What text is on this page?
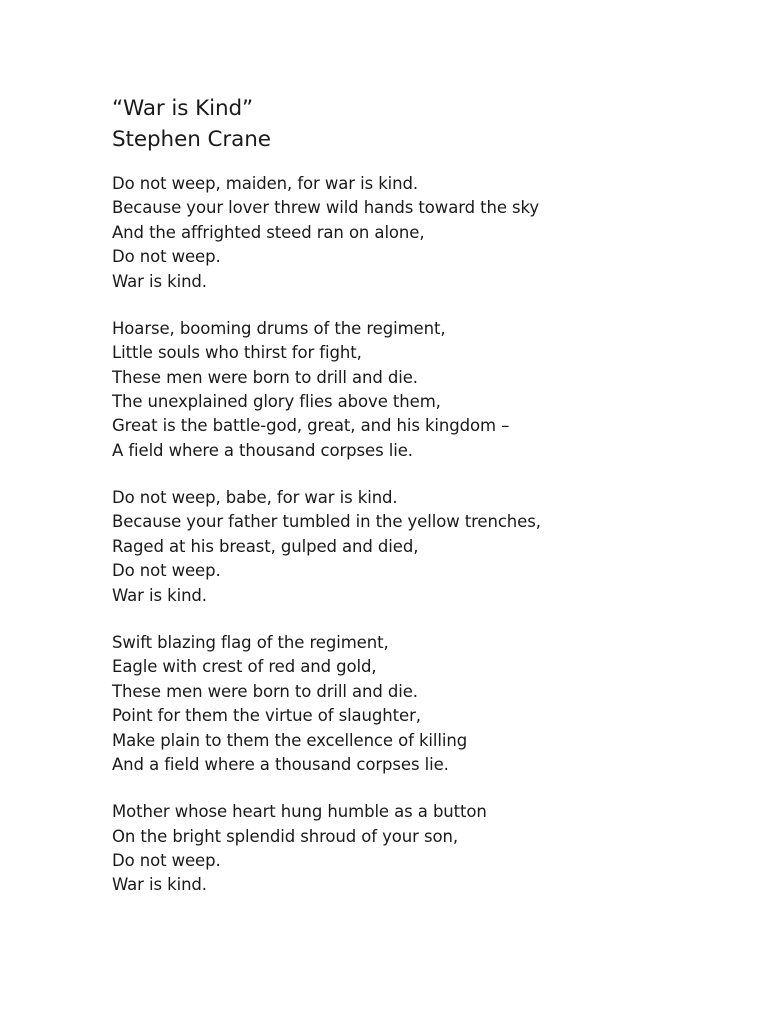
“War is Kind”
Stephen Crane
Do not weep, maiden, for war is kind.
Because your lover threw wild hands toward the sky
And the affrighted steed ran on alone,
Do not weep.
War is kind.
Hoarse, booming drums of the regiment,
Little souls who thirst for fight,
These men were born to drill and die.
The unexplained glory flies above them,
Great is the battle-god, great, and his kingdom –
A field where a thousand corpses lie.
Do not weep, babe, for war is kind.
Because your father tumbled in the yellow trenches,
Raged at his breast, gulped and died,
Do not weep.
War is kind.
Swift blazing flag of the regiment,
Eagle with crest of red and gold,
These men were born to drill and die.
Point for them the virtue of slaughter,
Make plain to them the excellence of killing
And a field where a thousand corpses lie.
Mother whose heart hung humble as a button
On the bright splendid shroud of your son,
Do not weep.
War is kind.
